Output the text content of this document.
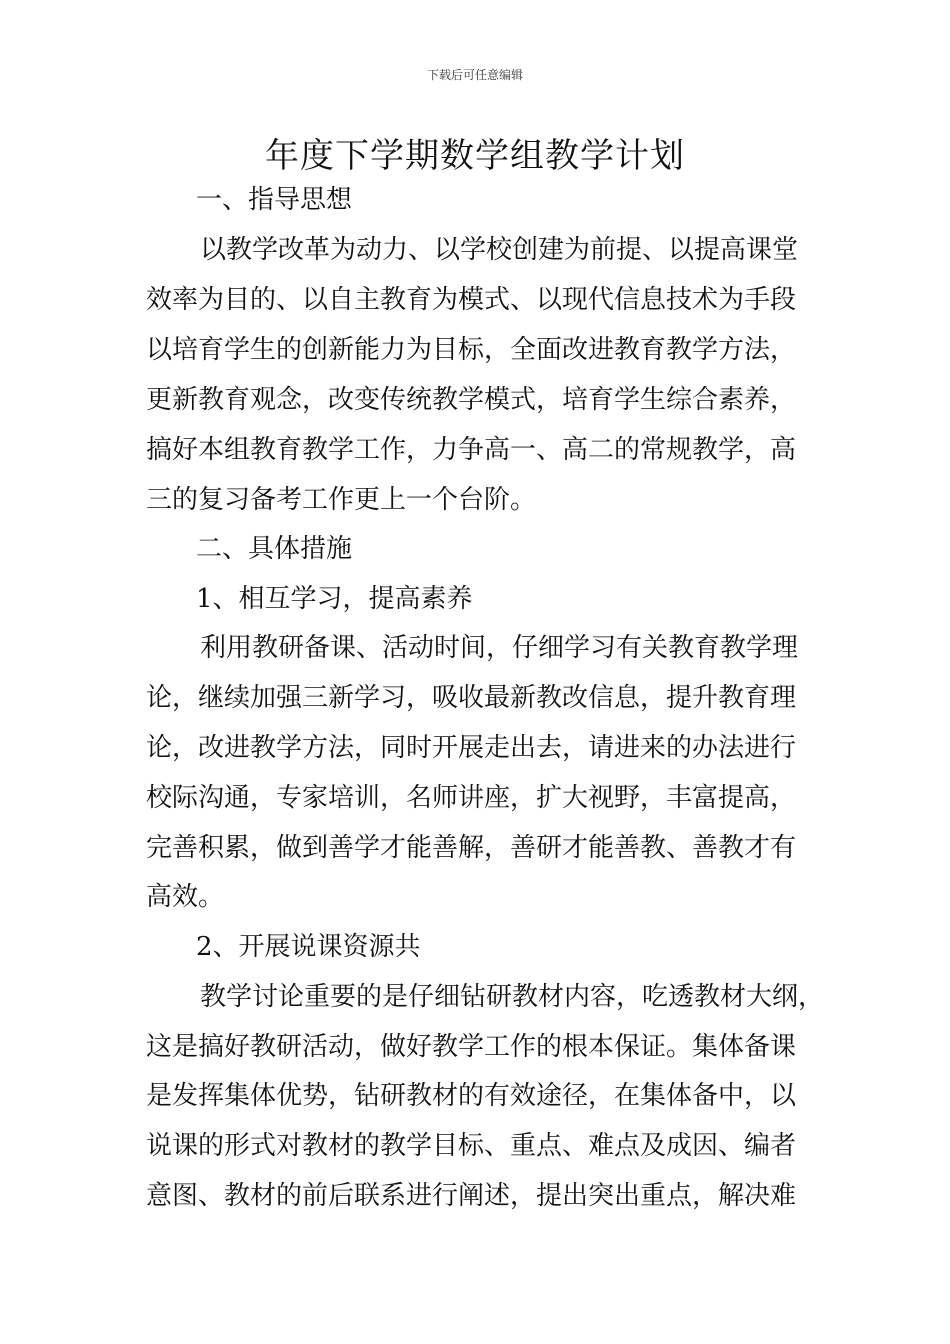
下载后可任意编辑
年度下学期数学组教学计划
一、指导思想
以教学改革为动力、以学校创建为前提、以提高课堂
效率为目的、以自主教育为模式、以现代信息技术为手段
以培育学生的创新能力为目标，全面改进教育教学方法，
更新教育观念，改变传统教学模式，培育学生综合素养，
搞好本组教育教学工作，力争高一、高二的常规教学，高
三的复习备考工作更上一个台阶。
二、具体措施
1、相互学习，提高素养
利用教研备课、活动时间，仔细学习有关教育教学理
论，继续加强三新学习，吸收最新教改信息，提升教育理
论，改进教学方法，同时开展走出去，请进来的办法进行
校际沟通，专家培训，名师讲座，扩大视野，丰富提高，
完善积累，做到善学才能善解，善研才能善教、善教才有
高效。
2、开展说课资源共
教学讨论重要的是仔细钻研教材内容，吃透教材大纲，
这是搞好教研活动，做好教学工作的根本保证。集体备课
是发挥集体优势，钻研教材的有效途径，在集体备中，以
说课的形式对教材的教学目标、重点、难点及成因、编者
意图、教材的前后联系进行阐述，提出突出重点，解决难
